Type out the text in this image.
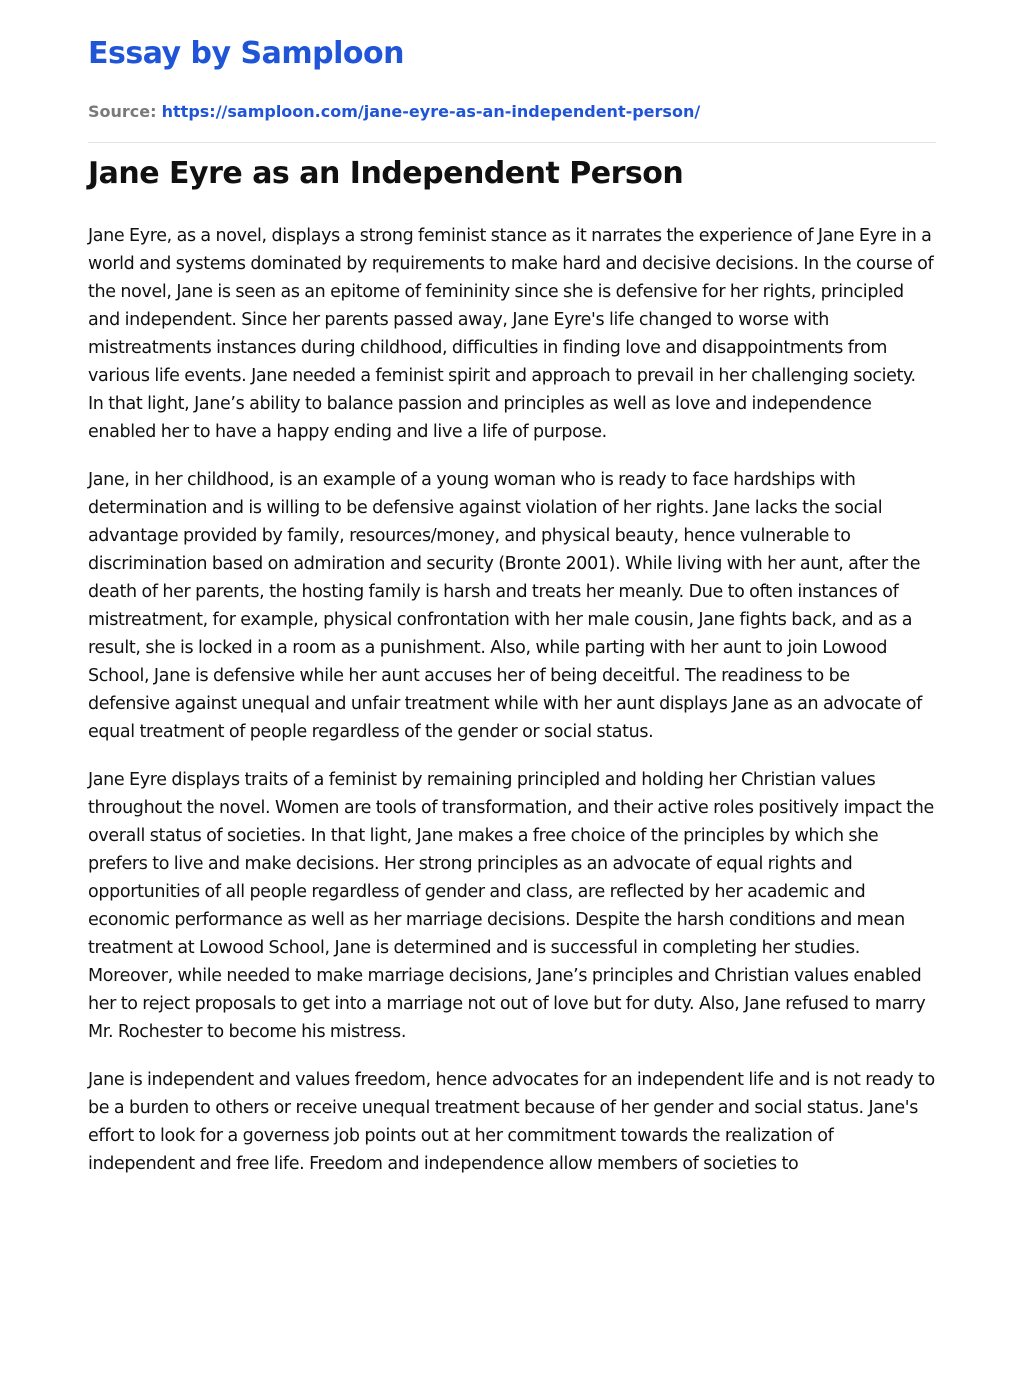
Essay by Samploon
Source: https://samploon.com/jane-eyre-as-an-independent-person/
Jane Eyre as an Independent Person

Jane Eyre, as a novel, displays a strong feminist stance as it narrates the experience of Jane Eyre in a world and systems dominated by requirements to make hard and decisive decisions. In the course of the novel, Jane is seen as an epitome of femininity since she is defensive for her rights, principled and independent. Since her parents passed away, Jane Eyre's life changed to worse with mistreatments instances during childhood, difficulties in finding love and disappointments from various life events. Jane needed a feminist spirit and approach to prevail in her challenging society. In that light, Jane’s ability to balance passion and principles as well as love and independence enabled her to have a happy ending and live a life of purpose.

Jane, in her childhood, is an example of a young woman who is ready to face hardships with determination and is willing to be defensive against violation of her rights. Jane lacks the social advantage provided by family, resources/money, and physical beauty, hence vulnerable to discrimination based on admiration and security (Bronte 2001). While living with her aunt, after the death of her parents, the hosting family is harsh and treats her meanly. Due to often instances of mistreatment, for example, physical confrontation with her male cousin, Jane fights back, and as a result, she is locked in a room as a punishment. Also, while parting with her aunt to join Lowood School, Jane is defensive while her aunt accuses her of being deceitful. The readiness to be defensive against unequal and unfair treatment while with her aunt displays Jane as an advocate of equal treatment of people regardless of the gender or social status.

Jane Eyre displays traits of a feminist by remaining principled and holding her Christian values throughout the novel. Women are tools of transformation, and their active roles positively impact the overall status of societies. In that light, Jane makes a free choice of the principles by which she prefers to live and make decisions. Her strong principles as an advocate of equal rights and opportunities of all people regardless of gender and class, are reflected by her academic and economic performance as well as her marriage decisions. Despite the harsh conditions and mean treatment at Lowood School, Jane is determined and is successful in completing her studies. Moreover, while needed to make marriage decisions, Jane’s principles and Christian values enabled her to reject proposals to get into a marriage not out of love but for duty. Also, Jane refused to marry Mr. Rochester to become his mistress.

Jane is independent and values freedom, hence advocates for an independent life and is not ready to be a burden to others or receive unequal treatment because of her gender and social status. Jane's effort to look for a governess job points out at her commitment towards the realization of independent and free life. Freedom and independence allow members of societies to
